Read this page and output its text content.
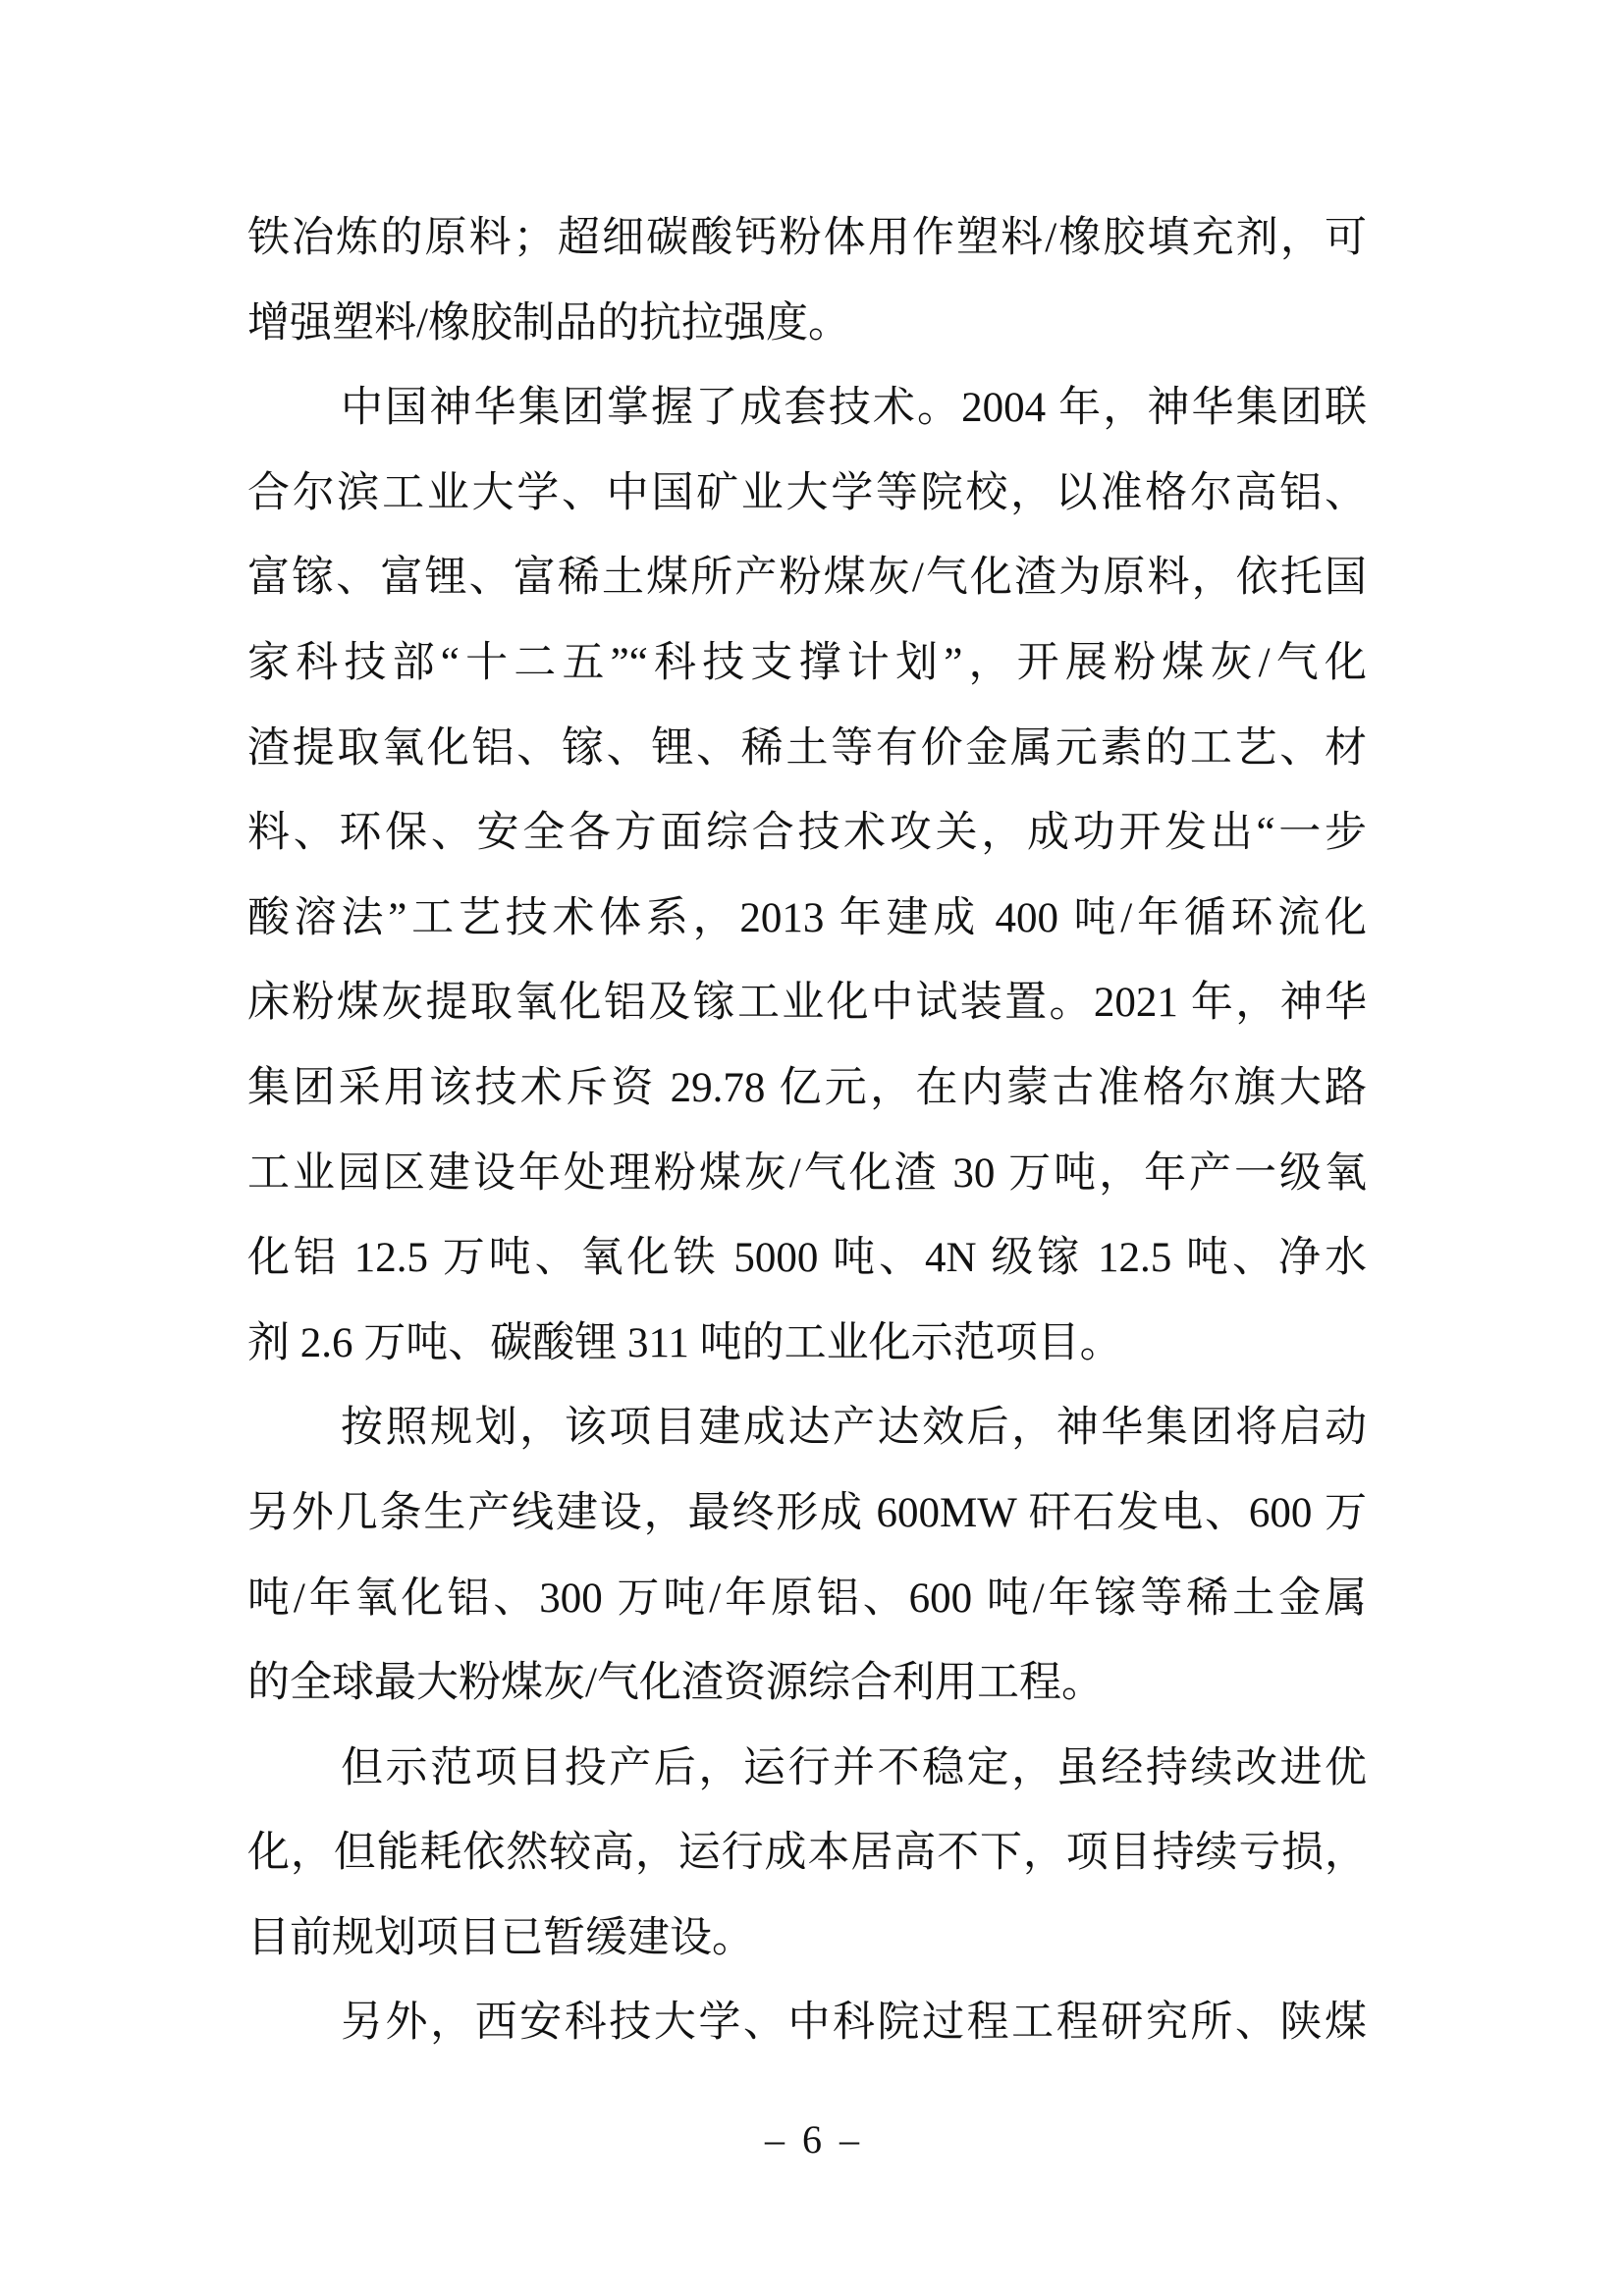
铁冶炼的原料；超细碳酸钙粉体用作塑料/橡胶填充剂，可
增强塑料/橡胶制品的抗拉强度。
中国神华集团掌握了成套技术。2004 年，神华集团联
合尔滨工业大学、中国矿业大学等院校，以准格尔高铝、
富镓、富锂、富稀土煤所产粉煤灰/气化渣为原料，依托国
家科技部“十二五”“科技支撑计划”，开展粉煤灰/气化
渣提取氧化铝、镓、锂、稀土等有价金属元素的工艺、材
料、环保、安全各方面综合技术攻关，成功开发出“一步
酸溶法”工艺技术体系，2013 年建成 400 吨/年循环流化
床粉煤灰提取氧化铝及镓工业化中试装置。2021 年，神华
集团采用该技术斥资 29.78 亿元，在内蒙古准格尔旗大路
工业园区建设年处理粉煤灰/气化渣 30 万吨，年产一级氧
化铝 12.5 万吨、氧化铁 5000 吨、4N 级镓 12.5 吨、净水
剂 2.6 万吨、碳酸锂 311 吨的工业化示范项目。
按照规划，该项目建成达产达效后，神华集团将启动
另外几条生产线建设，最终形成 600MW 矸石发电、600 万
吨/年氧化铝、300 万吨/年原铝、600 吨/年镓等稀土金属
的全球最大粉煤灰/气化渣资源综合利用工程。
但示范项目投产后，运行并不稳定，虽经持续改进优
化，但能耗依然较高，运行成本居高不下，项目持续亏损，
目前规划项目已暂缓建设。
另外，西安科技大学、中科院过程工程研究所、陕煤
– 6 –
